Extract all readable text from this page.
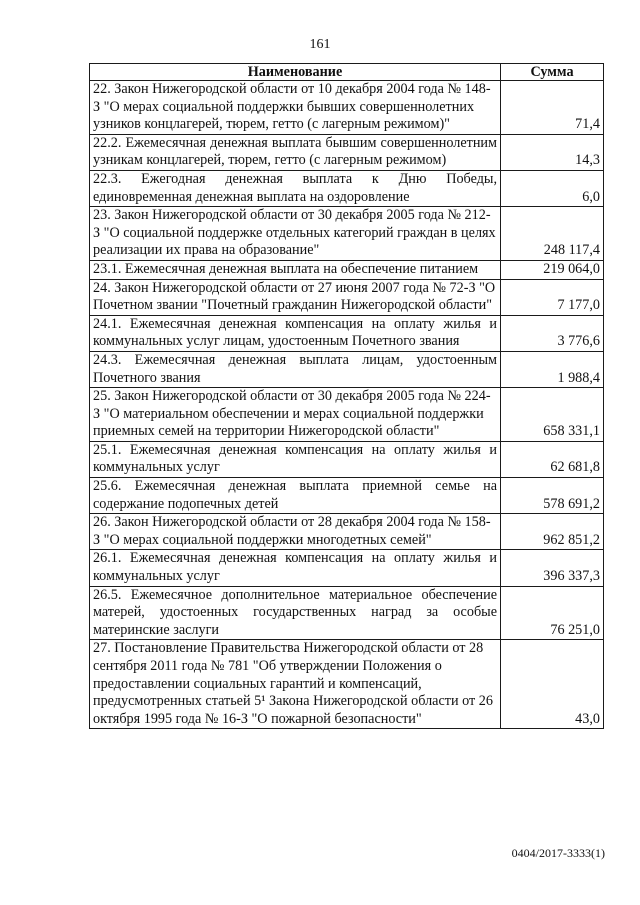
161
Наименование	Сумма
22. Закон Нижегородской области от 10 декабря 2004 года № 148-З "О мерах социальной поддержки бывших совершеннолетних узников концлагерей, тюрем, гетто (с лагерным режимом)"	71,4
22.2. Ежемесячная денежная выплата бывшим совершеннолетним узникам концлагерей, тюрем, гетто (с лагерным режимом)	14,3
22.3. Ежегодная денежная выплата к Дню Победы, единовременная денежная выплата на оздоровление	6,0
23. Закон Нижегородской области от 30 декабря 2005 года № 212-З "О социальной поддержке отдельных категорий граждан в целях реализации их права на образование"	248 117,4
23.1. Ежемесячная денежная выплата на обеспечение питанием	219 064,0
24. Закон Нижегородской области от 27 июня 2007 года № 72-З "О Почетном звании "Почетный гражданин Нижегородской области"	7 177,0
24.1. Ежемесячная денежная компенсация на оплату жилья и коммунальных услуг лицам, удостоенным Почетного звания	3 776,6
24.3. Ежемесячная денежная выплата лицам, удостоенным Почетного звания	1 988,4
25. Закон Нижегородской области от 30 декабря 2005 года № 224-З "О материальном обеспечении и мерах социальной поддержки приемных семей на территории Нижегородской области"	658 331,1
25.1. Ежемесячная денежная компенсация на оплату жилья и коммунальных услуг	62 681,8
25.6. Ежемесячная денежная выплата приемной семье на содержание подопечных детей	578 691,2
26. Закон Нижегородской области от 28 декабря 2004 года № 158-З "О мерах социальной поддержки многодетных семей"	962 851,2
26.1. Ежемесячная денежная компенсация на оплату жилья и коммунальных услуг	396 337,3
26.5. Ежемесячное дополнительное материальное обеспечение матерей, удостоенных государственных наград за особые материнские заслуги	76 251,0
27. Постановление Правительства Нижегородской области от 28 сентября 2011 года № 781 "Об утверждении Положения о предоставлении социальных гарантий и компенсаций, предусмотренных статьей 5¹ Закона Нижегородской области от 26 октября 1995 года № 16-З "О пожарной безопасности"	43,0
0404/2017-3333(1)
